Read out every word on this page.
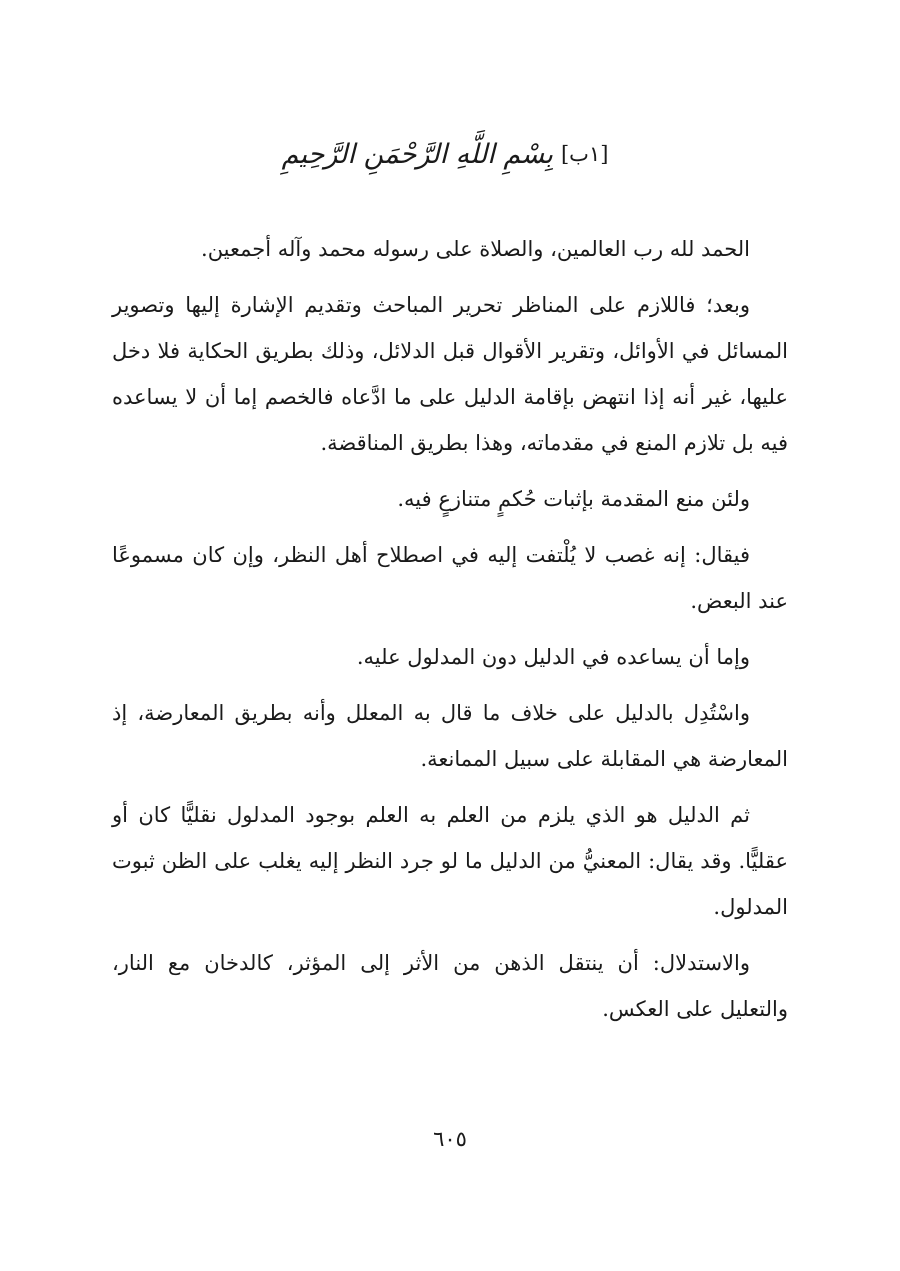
[١ب]
بِسْمِ اللَّهِ الرَّحْمَنِ الرَّحِيمِ

الحمد لله رب العالمين، والصلاة على رسوله محمد وآله أجمعين.

وبعد؛ فاللازم على المناظر تحرير المباحث وتقديم الإشارة إليها وتصوير المسائل في الأوائل، وتقرير الأقوال قبل الدلائل، وذلك بطريق الحكاية فلا دخل عليها، غير أنه إذا انتهض بإقامة الدليل على ما ادَّعاه فالخصم إما أن لا يساعده فيه بل تلازم المنع في مقدماته، وهذا بطريق المناقضة.

ولئن منع المقدمة بإثبات حُكمٍ متنازعٍ فيه.

فيقال: إنه غصب لا يُلْتفت إليه في اصطلاح أهل النظر، وإن كان مسموعًا عند البعض.

وإما أن يساعده في الدليل دون المدلول عليه.

واسْتُدِل بالدليل على خلاف ما قال به المعلل وأنه بطريق المعارضة، إذ المعارضة هي المقابلة على سبيل الممانعة.

ثم الدليل هو الذي يلزم من العلم به العلم بوجود المدلول نقليًّا كان أو عقليًّا. وقد يقال: المعنيُّ من الدليل ما لو جرد النظر إليه يغلب على الظن ثبوت المدلول.

والاستدلال: أن ينتقل الذهن من الأثر إلى المؤثر، كالدخان مع النار، والتعليل على العكس.

٦٠٥
